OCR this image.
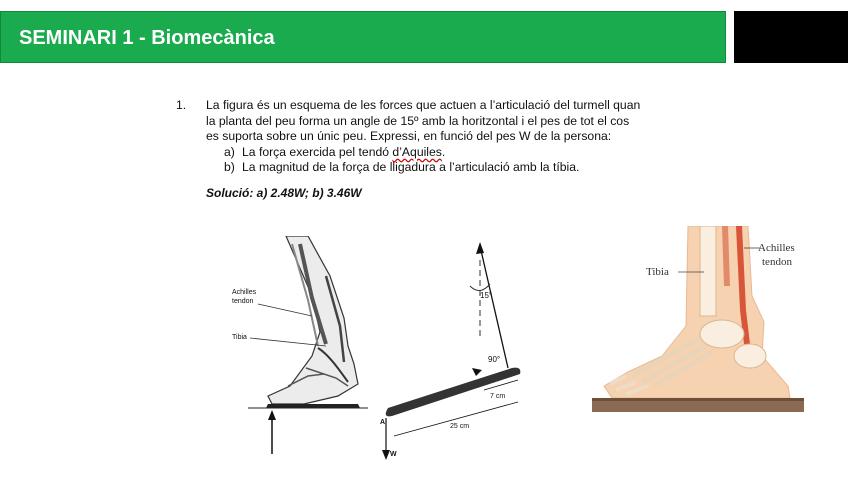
SEMINARI 1 - Biomecànica
1. La figura és un esquema de les forces que actuen a l’articulació del turmell quan
la planta del peu forma un angle de 15º amb la horitzontal i el pes de tot el cos
es suporta sobre un únic peu. Expressi, en funció del pes W de la persona:
a) La força exercida pel tendó d’Aquiles.
b) La magnitud de la força de lligadura a l’articulació amb la tíbia.
Solució: a) 2.48W; b) 3.46W
Achilles
tendon
Tibia
15°
90°
7 cm
25 cm
A
W
Tibia
Achilles
tendon
